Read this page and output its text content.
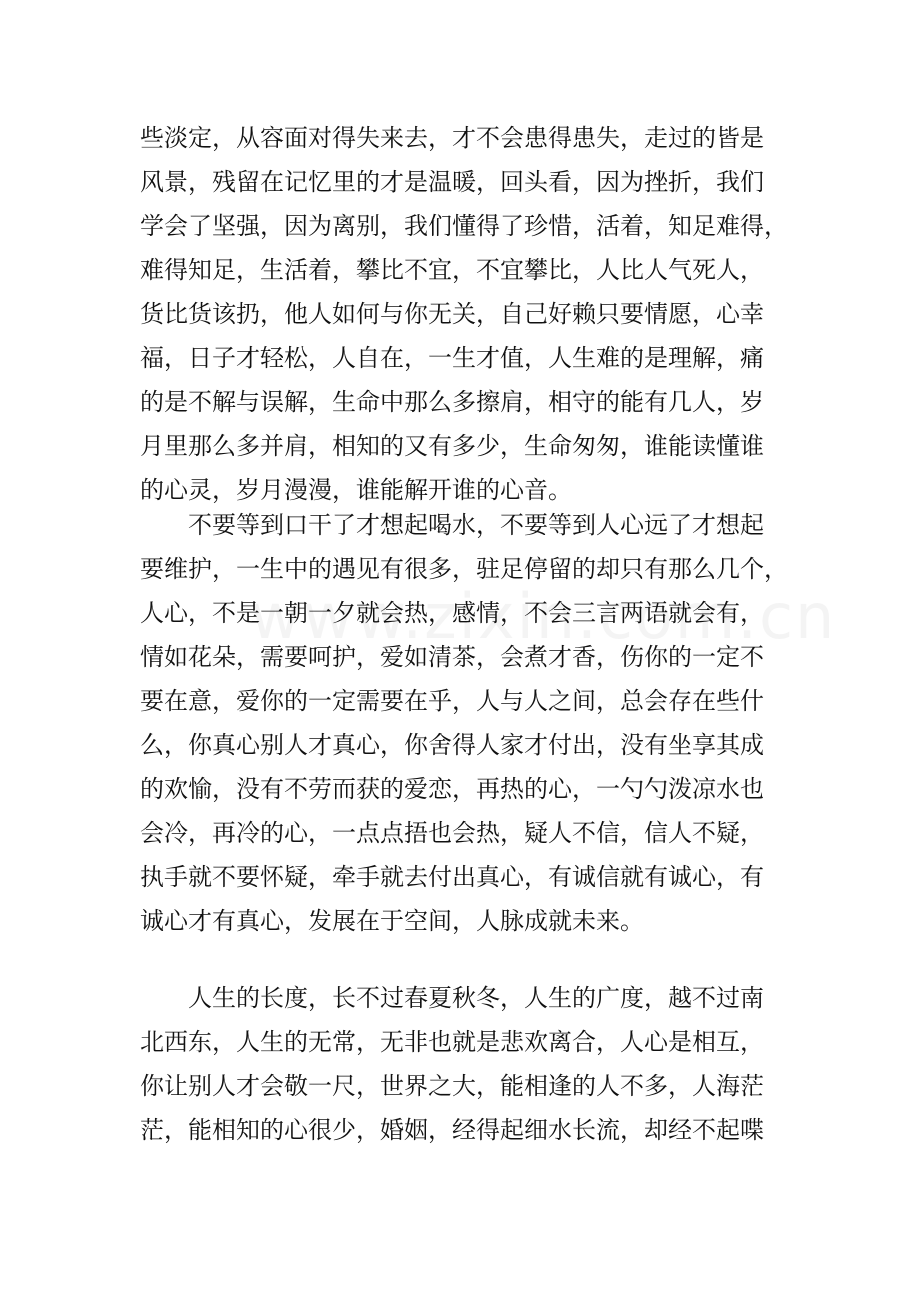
些淡定，从容面对得失来去，才不会患得患失，走过的皆是
风景，残留在记忆里的才是温暖，回头看，因为挫折，我们
学会了坚强，因为离别，我们懂得了珍惜，活着，知足难得，
难得知足，生活着，攀比不宜，不宜攀比，人比人气死人，
货比货该扔，他人如何与你无关，自己好赖只要情愿，心幸
福，日子才轻松，人自在，一生才值，人生难的是理解，痛
的是不解与误解，生命中那么多擦肩，相守的能有几人，岁
月里那么多并肩，相知的又有多少，生命匆匆，谁能读懂谁
的心灵，岁月漫漫，谁能解开谁的心音。
　　不要等到口干了才想起喝水，不要等到人心远了才想起
要维护，一生中的遇见有很多，驻足停留的却只有那么几个，
人心，不是一朝一夕就会热，感情，不会三言两语就会有，
情如花朵，需要呵护，爱如清茶，会煮才香，伤你的一定不
要在意，爱你的一定需要在乎，人与人之间，总会存在些什
么，你真心别人才真心，你舍得人家才付出，没有坐享其成
的欢愉，没有不劳而获的爱恋，再热的心，一勺勺泼凉水也
会冷，再冷的心，一点点捂也会热，疑人不信，信人不疑，
执手就不要怀疑，牵手就去付出真心，有诚信就有诚心，有
诚心才有真心，发展在于空间，人脉成就未来。
　　人生的长度，长不过春夏秋冬，人生的广度，越不过南
北西东，人生的无常，无非也就是悲欢离合，人心是相互，
你让别人才会敬一尺，世界之大，能相逢的人不多，人海茫
茫，能相知的心很少，婚姻，经得起细水长流，却经不起喋
